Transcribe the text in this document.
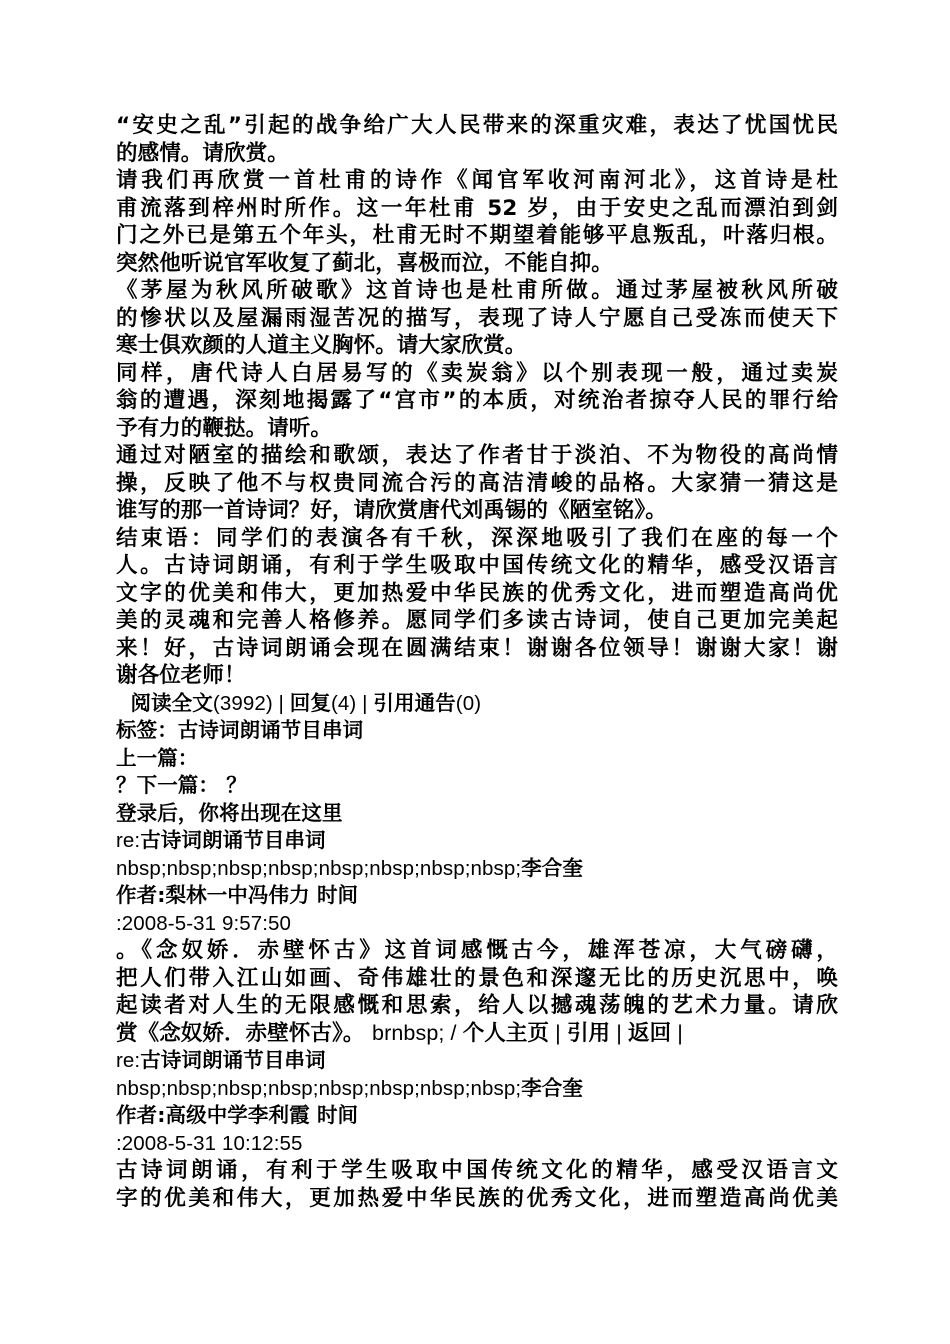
“安史之乱”引起的战争给广大人民带来的深重灾难，表达了忧国忧民
的感情。请欣赏。
请我们再欣赏一首杜甫的诗作《闻官军收河南河北》，这首诗是杜
甫流落到梓州时所作。这一年杜甫 52 岁，由于安史之乱而漂泊到剑
门之外已是第五个年头，杜甫无时不期望着能够平息叛乱，叶落归根。
突然他听说官军收复了蓟北，喜极而泣，不能自抑。
《茅屋为秋风所破歌》这首诗也是杜甫所做。通过茅屋被秋风所破
的惨状以及屋漏雨湿苦况的描写，表现了诗人宁愿自己受冻而使天下
寒士俱欢颜的人道主义胸怀。请大家欣赏。
同样，唐代诗人白居易写的《卖炭翁》以个别表现一般，通过卖炭
翁的遭遇，深刻地揭露了“宫市”的本质，对统治者掠夺人民的罪行给
予有力的鞭挞。请听。
通过对陋室的描绘和歌颂，表达了作者甘于淡泊、不为物役的高尚情
操，反映了他不与权贵同流合污的高洁清峻的品格。大家猜一猜这是
谁写的那一首诗词？好，请欣赏唐代刘禹锡的《陋室铭》。
结束语：同学们的表演各有千秋，深深地吸引了我们在座的每一个
人。古诗词朗诵，有利于学生吸取中国传统文化的精华，感受汉语言
文字的优美和伟大，更加热爱中华民族的优秀文化，进而塑造高尚优
美的灵魂和完善人格修养。愿同学们多读古诗词，使自己更加完美起
来！好，古诗词朗诵会现在圆满结束！谢谢各位领导！谢谢大家！谢
谢各位老师！
阅读全文(3992) | 回复(4) | 引用通告(0)
标签：古诗词朗诵节目串词
上一篇：
？下一篇： ？
登录后，你将出现在这里
re:古诗词朗诵节目串词
nbsp;nbsp;nbsp;nbsp;nbsp;nbsp;nbsp;nbsp;李合奎
作者:梨林一中冯伟力 时间
:2008-5-31 9:57:50
。《念奴娇．赤壁怀古》这首词感慨古今，雄浑苍凉，大气磅礴，
把人们带入江山如画、奇伟雄壮的景色和深邃无比的历史沉思中，唤
起读者对人生的无限感慨和思索，给人以撼魂荡魄的艺术力量。请欣
赏《念奴娇．赤壁怀古》。 brnbsp; / 个人主页 | 引用 | 返回 |
re:古诗词朗诵节目串词
nbsp;nbsp;nbsp;nbsp;nbsp;nbsp;nbsp;nbsp;李合奎
作者:高级中学李利霞 时间
:2008-5-31 10:12:55
古诗词朗诵，有利于学生吸取中国传统文化的精华，感受汉语言文
字的优美和伟大，更加热爱中华民族的优秀文化，进而塑造高尚优美
